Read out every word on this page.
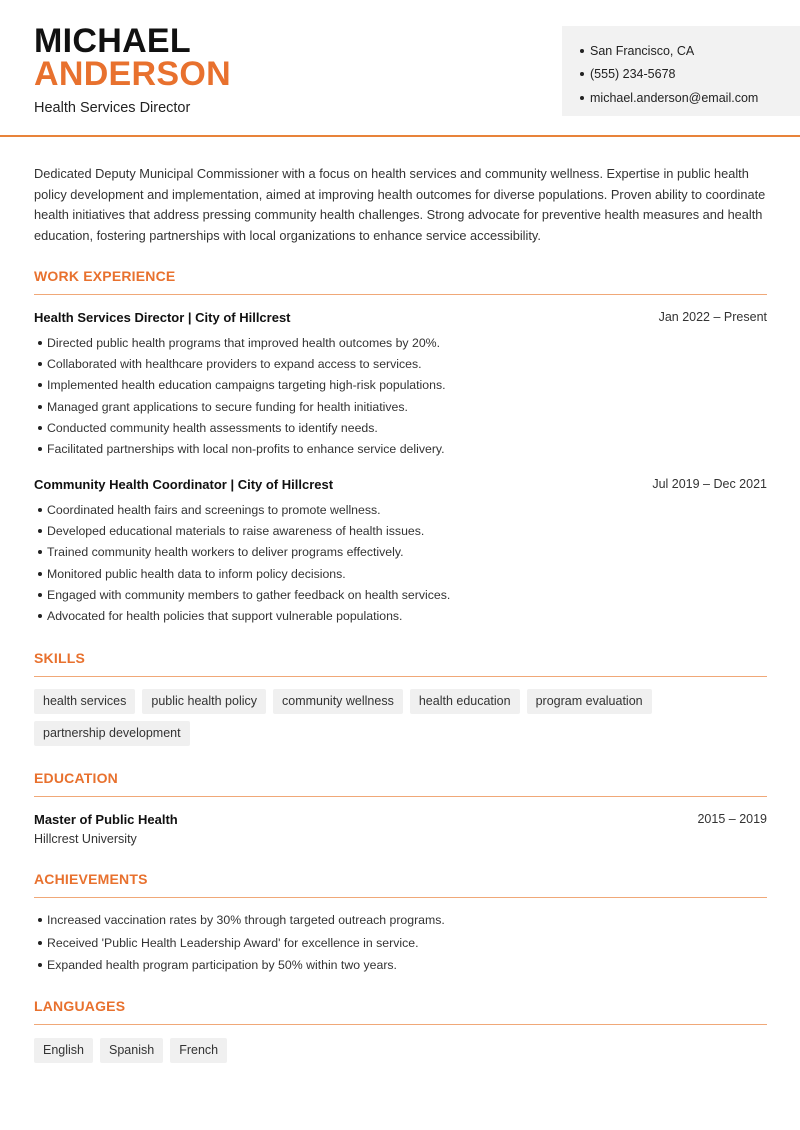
MICHAEL
ANDERSON
Health Services Director
San Francisco, CA
(555) 234-5678
michael.anderson@email.com

Dedicated Deputy Municipal Commissioner with a focus on health services and community wellness. Expertise in public health policy development and implementation, aimed at improving health outcomes for diverse populations. Proven ability to coordinate health initiatives that address pressing community health challenges. Strong advocate for preventive health measures and health education, fostering partnerships with local organizations to enhance service accessibility.

WORK EXPERIENCE
Health Services Director | City of Hillcrest	Jan 2022 – Present
Directed public health programs that improved health outcomes by 20%.
Collaborated with healthcare providers to expand access to services.
Implemented health education campaigns targeting high-risk populations.
Managed grant applications to secure funding for health initiatives.
Conducted community health assessments to identify needs.
Facilitated partnerships with local non-profits to enhance service delivery.
Community Health Coordinator | City of Hillcrest	Jul 2019 – Dec 2021
Coordinated health fairs and screenings to promote wellness.
Developed educational materials to raise awareness of health issues.
Trained community health workers to deliver programs effectively.
Monitored public health data to inform policy decisions.
Engaged with community members to gather feedback on health services.
Advocated for health policies that support vulnerable populations.
SKILLS
health services	public health policy	community wellness	health education	program evaluation
partnership development
EDUCATION
Master of Public Health	2015 – 2019
Hillcrest University
ACHIEVEMENTS
Increased vaccination rates by 30% through targeted outreach programs.
Received 'Public Health Leadership Award' for excellence in service.
Expanded health program participation by 50% within two years.
LANGUAGES
English	Spanish	French
